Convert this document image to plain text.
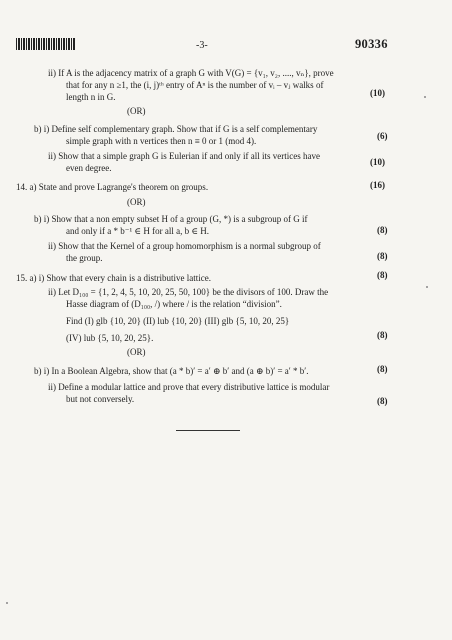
-3-	90336
ii) If A is the adjacency matrix of a graph G with V(G) = {v₁, v₂, ...., vₙ}, prove
that for any n ≥1, the (i, j)ᵗʰ entry of Aⁿ is the number of vᵢ – vⱼ walks of
length n in G.	(10)
(OR)
b) i) Define self complementary graph. Show that if G is a self complementary
simple graph with n vertices then n ≡ 0 or 1 (mod 4).	(6)
ii) Show that a simple graph G is Eulerian if and only if all its vertices have
even degree.
(10)
14. a) State and prove Lagrange's theorem on groups.	(16)
(OR)
b) i) Show that a non empty subset H of a group (G, *) is a subgroup of G if
and only if a * b⁻¹ ∈ H for all a, b ∈ H.	(8)
ii) Show that the Kernel of a group homomorphism is a normal subgroup of
the group.	(8)
15. a) i) Show that every chain is a distributive lattice.	(8)
ii) Let D₁₀₀ = {1, 2, 4, 5, 10, 20, 25, 50, 100} be the divisors of 100. Draw the
Hasse diagram of (D₁₀₀, /) where / is the relation “division”.
Find (I) glb {10, 20} (II) lub {10, 20} (III) glb {5, 10, 20, 25}
(IV) lub {5, 10, 20, 25}.	(8)
(OR)
b) i) In a Boolean Algebra, show that (a * b)′ = a′ ⊕ b′ and (a ⊕ b)′ = a′ * b′.	(8)
ii) Define a modular lattice and prove that every distributive lattice is modular
but not conversely.	(8)
